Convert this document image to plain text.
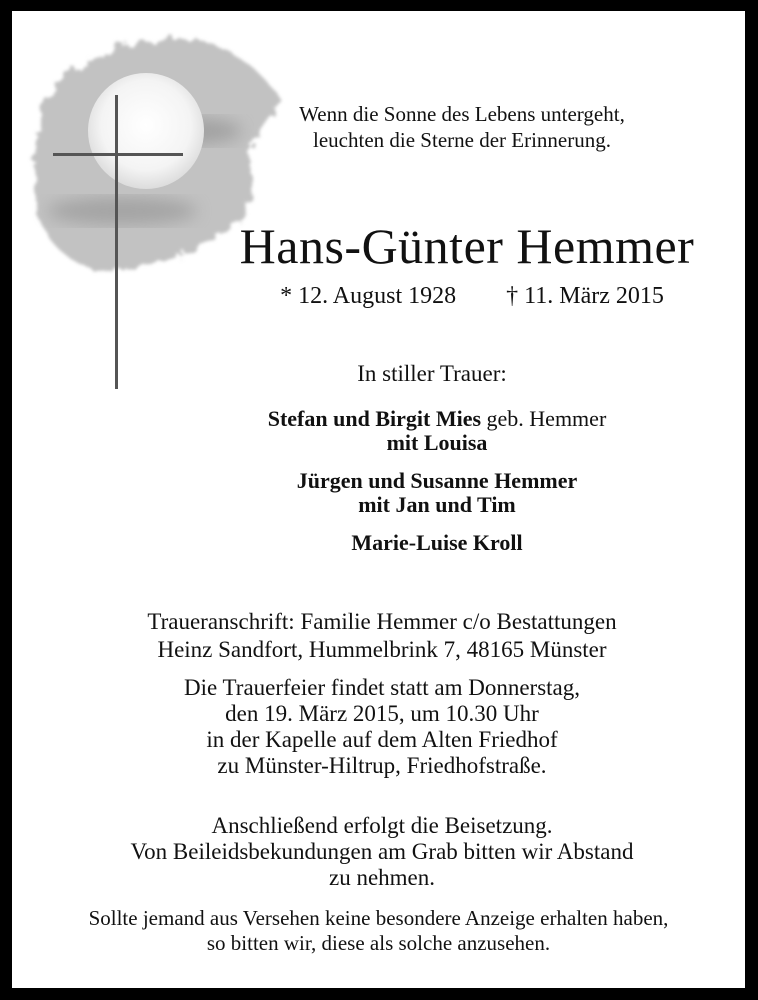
Wenn die Sonne des Lebens untergeht,
leuchten die Sterne der Erinnerung.
Hans-Günter Hemmer
* 12. August 1928 † 11. März 2015
In stiller Trauer:
Stefan und Birgit Mies geb. Hemmer
mit Louisa
Jürgen und Susanne Hemmer
mit Jan und Tim
Marie-Luise Kroll
Traueranschrift: Familie Hemmer c/o Bestattungen
Heinz Sandfort, Hummelbrink 7, 48165 Münster
Die Trauerfeier findet statt am Donnerstag,
den 19. März 2015, um 10.30 Uhr
in der Kapelle auf dem Alten Friedhof
zu Münster-Hiltrup, Friedhofstraße.
Anschließend erfolgt die Beisetzung.
Von Beileidsbekundungen am Grab bitten wir Abstand
zu nehmen.
Sollte jemand aus Versehen keine besondere Anzeige erhalten haben,
so bitten wir, diese als solche anzusehen.
